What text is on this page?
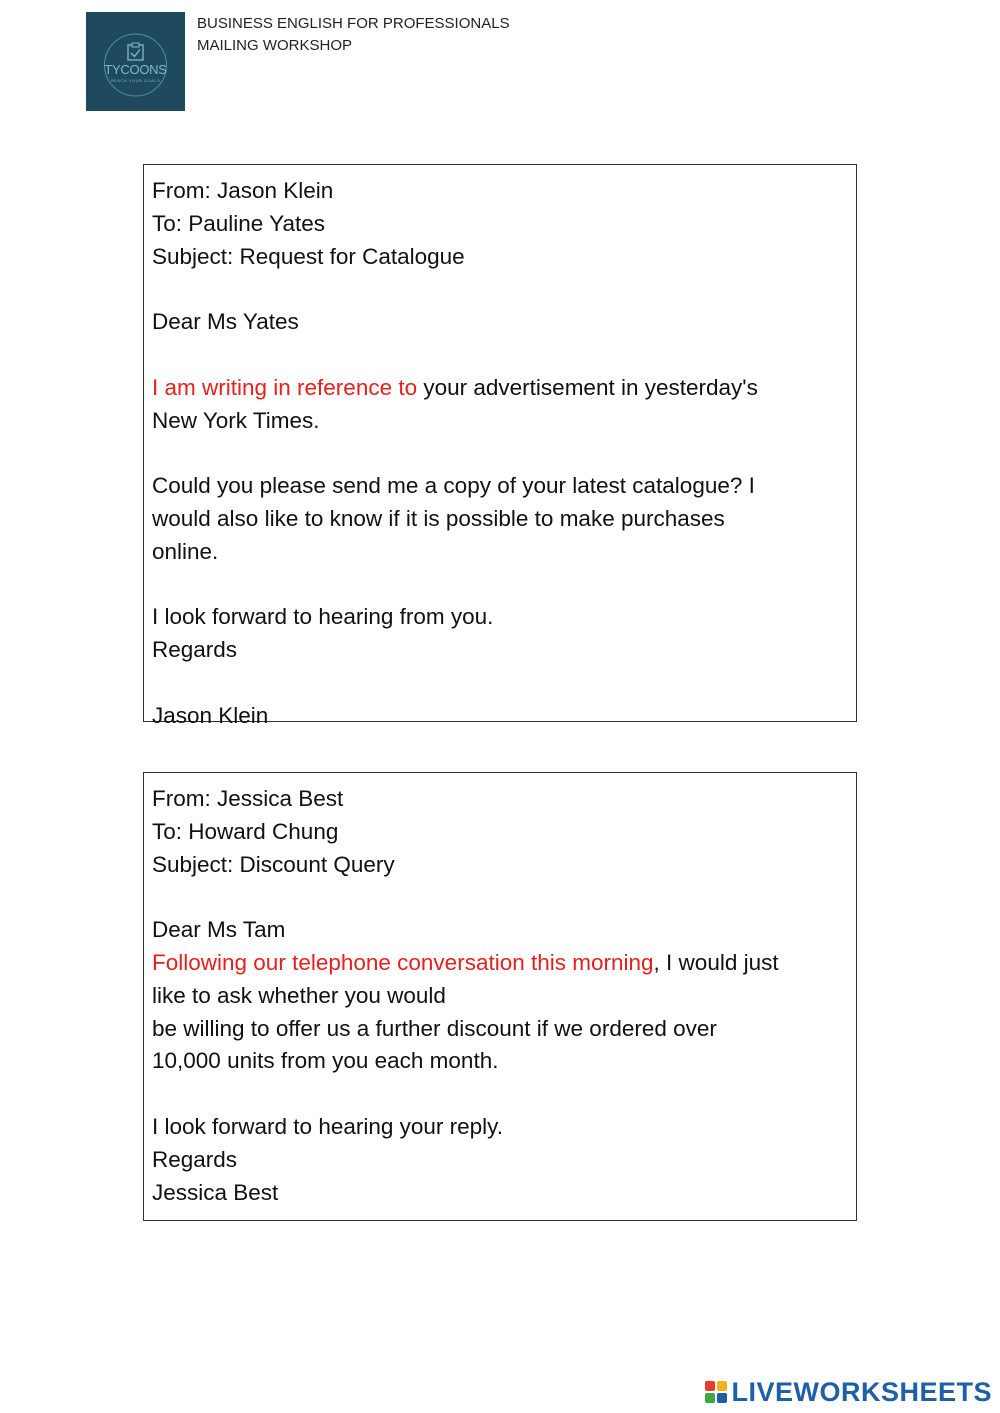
TYCOONS
REACH YOUR GOALS
BUSINESS ENGLISH FOR PROFESSIONALS
MAILING WORKSHOP

From: Jason Klein

To: Pauline Yates

Subject: Request for Catalogue

Dear Ms Yates

I am writing in reference to your advertisement in yesterday's

New York Times.

Could you please send me a copy of your latest catalogue? I

would also like to know if it is possible to make purchases

online.

I look forward to hearing from you.

Regards

Jason Klein

From: Jessica Best

To: Howard Chung

Subject: Discount Query

Dear Ms Tam

Following our telephone conversation this morning, I would just

like to ask whether you would

be willing to offer us a further discount if we ordered over

10,000 units from you each month.

I look forward to hearing your reply.

Regards

Jessica Best

LIVEWORKSHEETS
